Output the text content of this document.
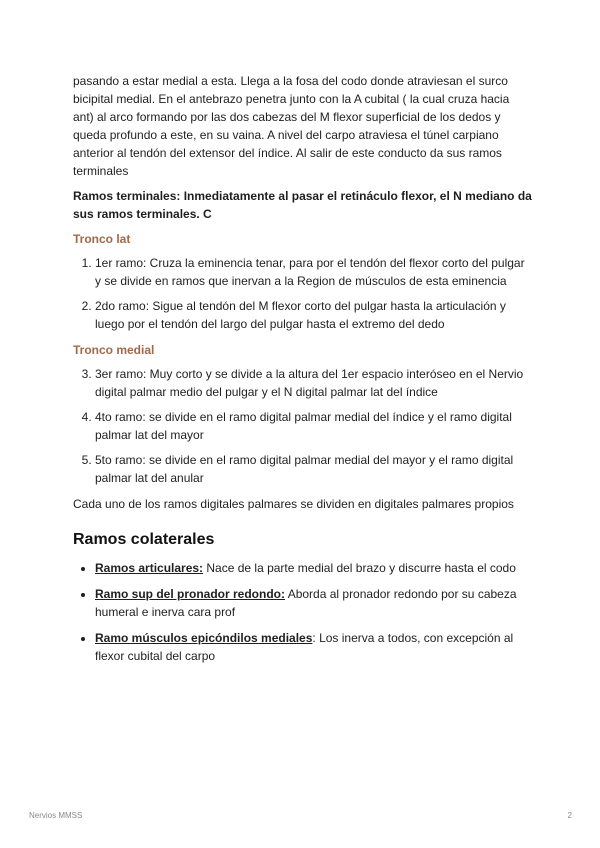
pasando a estar medial a esta. Llega a la fosa del codo donde atraviesan el surco bicipital medial. En el antebrazo penetra junto con la A cubital ( la cual cruza hacia ant) al arco formando por las dos cabezas del M flexor superficial de los dedos y queda profundo a este, en su vaina. A nivel del carpo atraviesa el túnel carpiano anterior al tendón del extensor del índice. Al salir de este conducto da sus ramos terminales

Ramos terminales: Inmediatamente al pasar el retináculo flexor, el N mediano da sus ramos terminales. C

Tronco lat

1. 1er ramo: Cruza la eminencia tenar, para por el tendón del flexor corto del pulgar y se divide en ramos que inervan a la Region de músculos de esta eminencia
2. 2do ramo: Sigue al tendón del M flexor corto del pulgar hasta la articulación y luego por el tendón del largo del pulgar hasta el extremo del dedo

Tronco medial

3. 3er ramo: Muy corto y se divide a la altura del 1er espacio interóseo en el Nervio digital palmar medio del pulgar y el N digital palmar lat del índice
4. 4to ramo: se divide en el ramo digital palmar medial del índice y el ramo digital palmar lat del mayor
5. 5to ramo: se divide en el ramo digital palmar medial del mayor y el ramo digital palmar lat del anular

Cada uno de los ramos digitales palmares se dividen en digitales palmares propios

Ramos colaterales
• Ramos articulares: Nace de la parte medial del brazo y discurre hasta el codo
• Ramo sup del pronador redondo: Aborda al pronador redondo por su cabeza humeral e inerva cara prof
• Ramo músculos epicóndilos mediales: Los inerva a todos, con excepción al flexor cubital del carpo
Nervios MMSS	2
